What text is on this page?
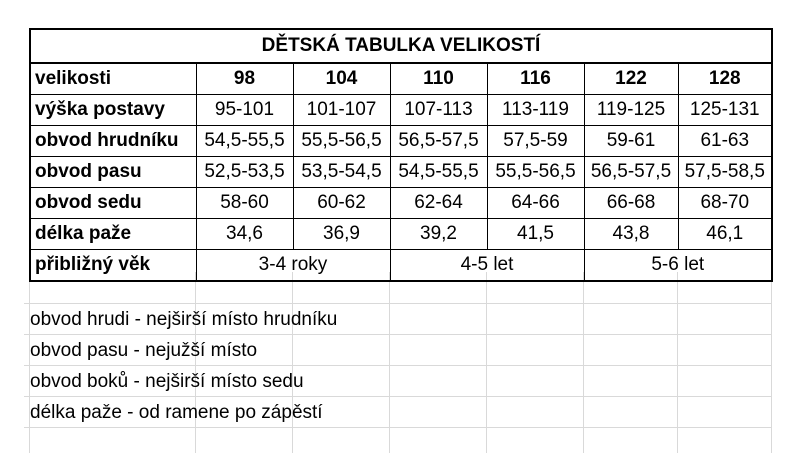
DĚTSKÁ TABULKA VELIKOSTÍ						
velikosti	98	104	110	116	122	128
výška postavy	95-101	101-107	107-113	113-119	119-125	125-131
obvod hrudníku	54,5-55,5	55,5-56,5	56,5-57,5	57,5-59	59-61	61-63
obvod pasu	52,5-53,5	53,5-54,5	54,5-55,5	55,5-56,5	56,5-57,5	57,5-58,5
obvod sedu	58-60	60-62	62-64	64-66	66-68	68-70
délka paže	34,6	36,9	39,2	41,5	43,8	46,1
přibližný věk	3-4 roky		4-5 let		5-6 let	
obvod hrudi - nejširší místo hrudníku
obvod pasu - nejužší místo
obvod boků - nejširší místo sedu
délka paže - od ramene po zápěstí
